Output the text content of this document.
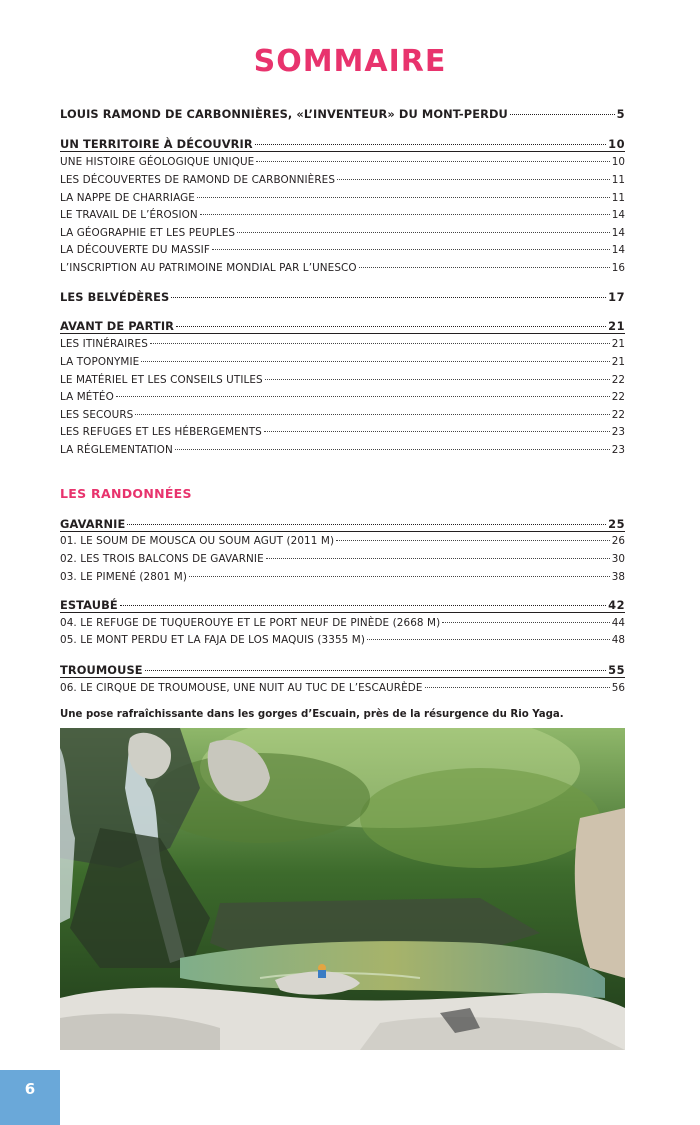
SOMMAIRE
LOUIS RAMOND DE CARBONNIÈRES, «L’INVENTEUR» DU MONT-PERDU	5
UN TERRITOIRE À DÉCOUVRIR	10
UNE HISTOIRE GÉOLOGIQUE UNIQUE	10
LES DÉCOUVERTES DE RAMOND DE CARBONNIÈRES	11
LA NAPPE DE CHARRIAGE	11
LE TRAVAIL DE L’ÉROSION	14
LA GÉOGRAPHIE ET LES PEUPLES	14
LA DÉCOUVERTE DU MASSIF	14
L’INSCRIPTION AU PATRIMOINE MONDIAL PAR L’UNESCO	16
LES BELVÉDÈRES	17
AVANT DE PARTIR	21
LES ITINÉRAIRES	21
LA TOPONYMIE	21
LE MATÉRIEL ET LES CONSEILS UTILES	22
LA MÉTÉO	22
LES SECOURS	22
LES REFUGES ET LES HÉBERGEMENTS	23
LA RÉGLEMENTATION	23
GAVARNIE	25
01. LE SOUM DE MOUSCA OU SOUM AGUT (2011 M)	26
02. LES TROIS BALCONS DE GAVARNIE	30
03. LE PIMENÉ (2801 M)	38
ESTAUBÉ	42
04. LE REFUGE DE TUQUEROUYE ET LE PORT NEUF DE PINÈDE (2668 M)	44
05. LE MONT PERDU ET LA FAJA DE LOS MAQUIS (3355 M)	48
TROUMOUSE	55
06. LE CIRQUE DE TROUMOUSE, UNE NUIT AU TUC DE L’ESCAURÈDE	56
LES RANDONNÉES
Une pose rafraîchissante dans les gorges d’Escuain, près de la résurgence du Rio Yaga.
6
